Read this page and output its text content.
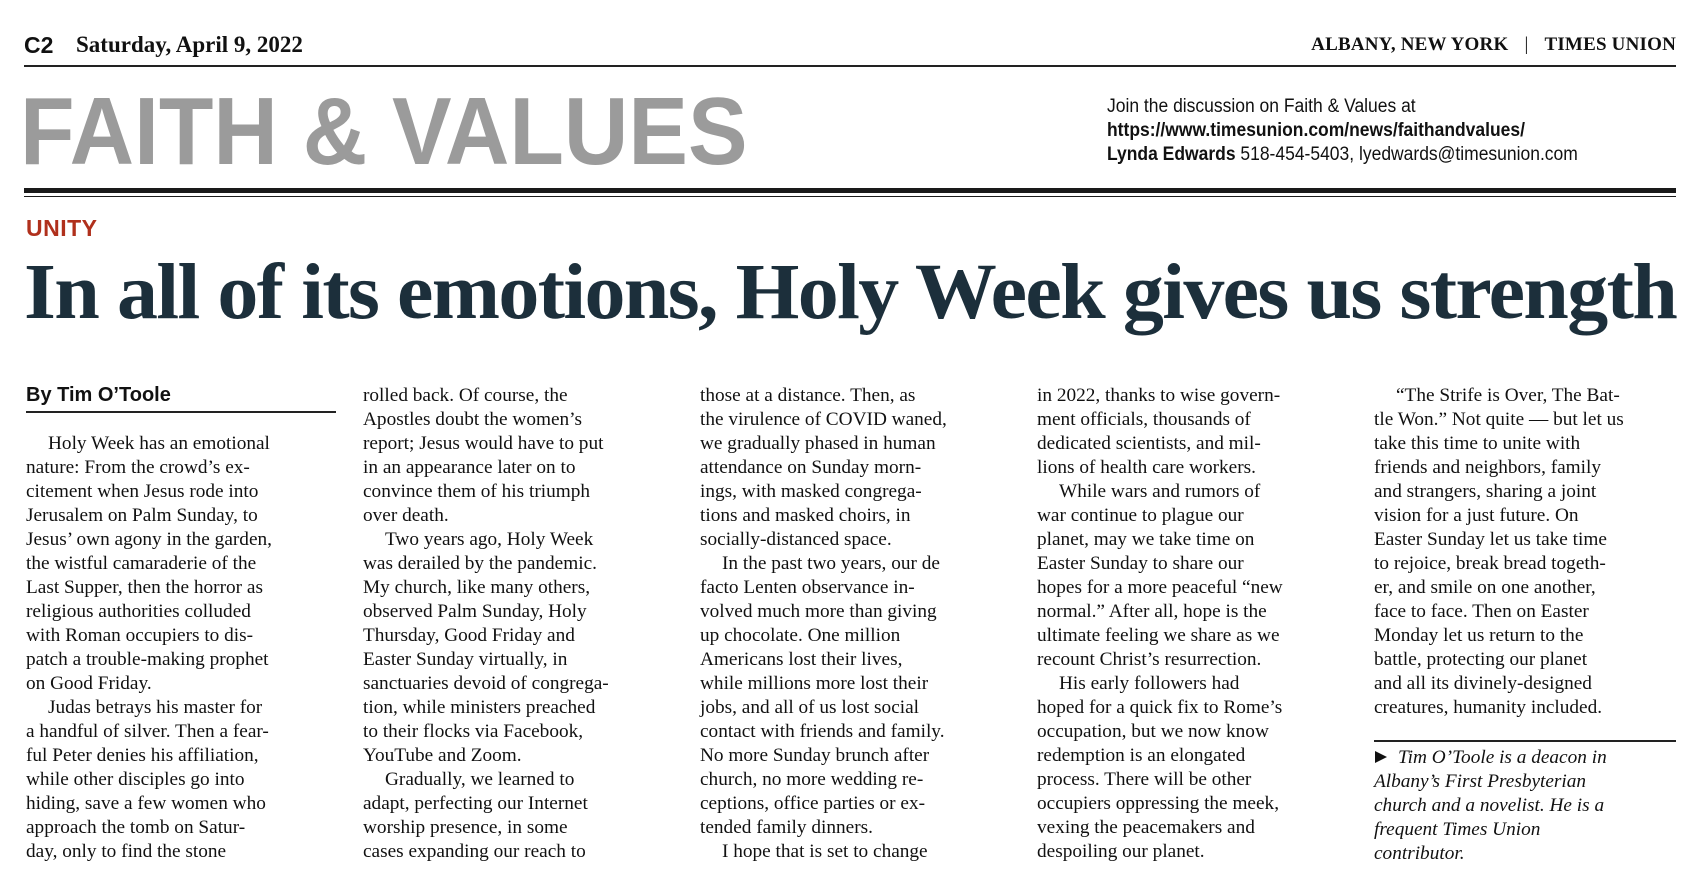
C2 Saturday, April 9, 2022	ALBANY, NEW YORK | TIMES UNION
FAITH & VALUES	Join the discussion on Faith & Values at
https://www.timesunion.com/news/faithandvalues/
Lynda Edwards 518-454-5403, lyedwards@timesunion.com
UNITY
In all of its emotions, Holy Week gives us strength
By Tim O’Toole
Holy Week has an emotional
nature: From the crowd’s ex-
citement when Jesus rode into
Jerusalem on Palm Sunday, to
Jesus’ own agony in the garden,
the wistful camaraderie of the
Last Supper, then the horror as
religious authorities colluded
with Roman occupiers to dis-
patch a trouble-making prophet
on Good Friday.
Judas betrays his master for
a handful of silver. Then a fear-
ful Peter denies his affiliation,
while other disciples go into
hiding, save a few women who
approach the tomb on Satur-
day, only to find the stone
rolled back. Of course, the
Apostles doubt the women’s
report; Jesus would have to put
in an appearance later on to
convince them of his triumph
over death.
Two years ago, Holy Week
was derailed by the pandemic.
My church, like many others,
observed Palm Sunday, Holy
Thursday, Good Friday and
Easter Sunday virtually, in
sanctuaries devoid of congrega-
tion, while ministers preached
to their flocks via Facebook,
YouTube and Zoom.
Gradually, we learned to
adapt, perfecting our Internet
worship presence, in some
cases expanding our reach to
those at a distance. Then, as
the virulence of COVID waned,
we gradually phased in human
attendance on Sunday morn-
ings, with masked congrega-
tions and masked choirs, in
socially-distanced space.
In the past two years, our de
facto Lenten observance in-
volved much more than giving
up chocolate. One million
Americans lost their lives,
while millions more lost their
jobs, and all of us lost social
contact with friends and family.
No more Sunday brunch after
church, no more wedding re-
ceptions, office parties or ex-
tended family dinners.
I hope that is set to change
in 2022, thanks to wise govern-
ment officials, thousands of
dedicated scientists, and mil-
lions of health care workers.
While wars and rumors of
war continue to plague our
planet, may we take time on
Easter Sunday to share our
hopes for a more peaceful “new
normal.” After all, hope is the
ultimate feeling we share as we
recount Christ’s resurrection.
His early followers had
hoped for a quick fix to Rome’s
occupation, but we now know
redemption is an elongated
process. There will be other
occupiers oppressing the meek,
vexing the peacemakers and
despoiling our planet.
“The Strife is Over, The Bat-
tle Won.” Not quite — but let us
take this time to unite with
friends and neighbors, family
and strangers, sharing a joint
vision for a just future. On
Easter Sunday let us take time
to rejoice, break bread togeth-
er, and smile on one another,
face to face. Then on Easter
Monday let us return to the
battle, protecting our planet
and all its divinely-designed
creatures, humanity included.
Tim O’Toole is a deacon in
Albany’s First Presbyterian
church and a novelist. He is a
frequent Times Union
contributor.
